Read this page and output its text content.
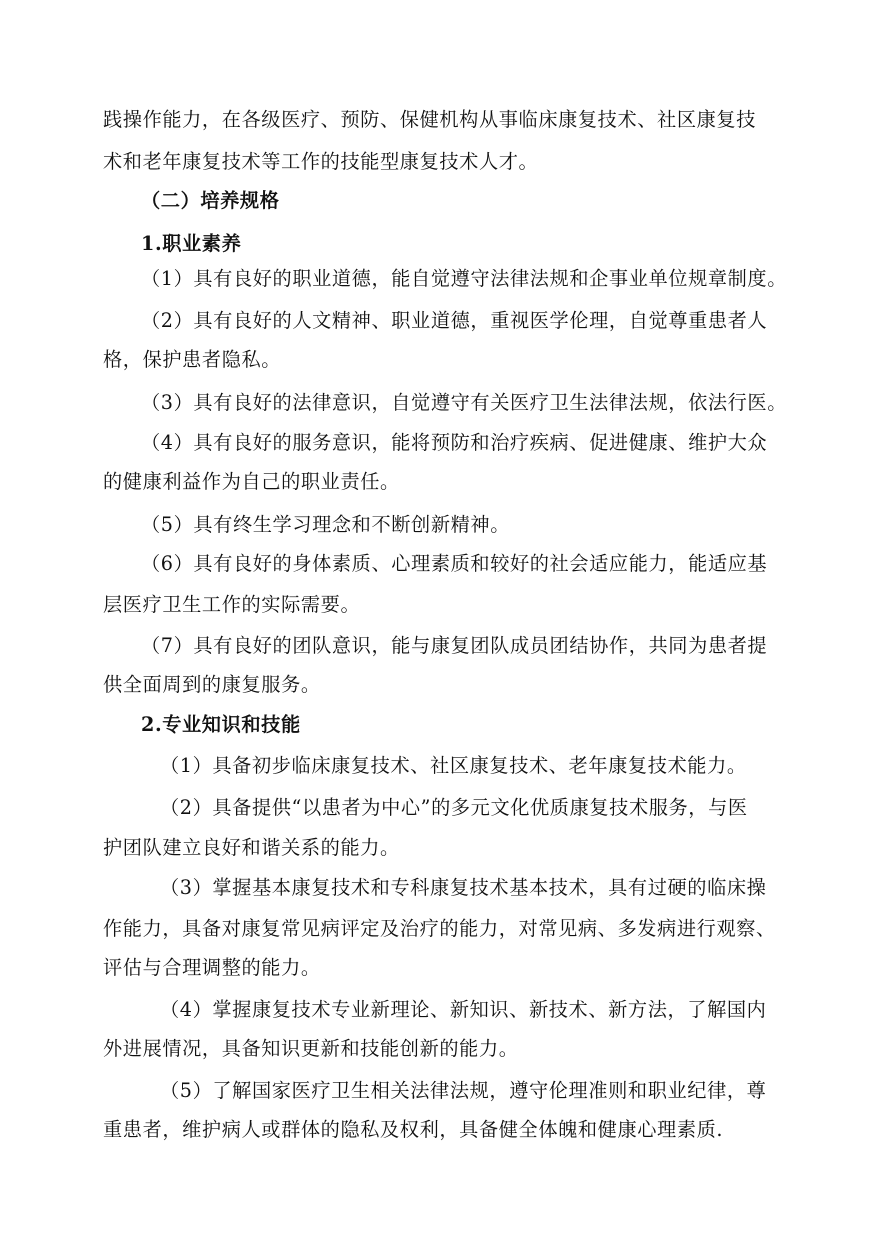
践操作能力，在各级医疗、预防、保健机构从事临床康复技术、社区康复技
术和老年康复技术等工作的技能型康复技术人才。
（二）培养规格
1.职业素养
（1）具有良好的职业道德，能自觉遵守法律法规和企事业单位规章制度。
（2）具有良好的人文精神、职业道德，重视医学伦理，自觉尊重患者人
格，保护患者隐私。
（3）具有良好的法律意识，自觉遵守有关医疗卫生法律法规，依法行医。
（4）具有良好的服务意识，能将预防和治疗疾病、促进健康、维护大众
的健康利益作为自己的职业责任。
（5）具有终生学习理念和不断创新精神。
（6）具有良好的身体素质、心理素质和较好的社会适应能力，能适应基
层医疗卫生工作的实际需要。
（7）具有良好的团队意识，能与康复团队成员团结协作，共同为患者提
供全面周到的康复服务。
2.专业知识和技能
（1）具备初步临床康复技术、社区康复技术、老年康复技术能力。
（2）具备提供“以患者为中心”的多元文化优质康复技术服务，与医
护团队建立良好和谐关系的能力。
（3）掌握基本康复技术和专科康复技术基本技术，具有过硬的临床操
作能力，具备对康复常见病评定及治疗的能力，对常见病、多发病进行观察、
评估与合理调整的能力。
（4）掌握康复技术专业新理论、新知识、新技术、新方法，了解国内
外进展情况，具备知识更新和技能创新的能力。
（5）了解国家医疗卫生相关法律法规，遵守伦理准则和职业纪律，尊
重患者，维护病人或群体的隐私及权利，具备健全体魄和健康心理素质.
